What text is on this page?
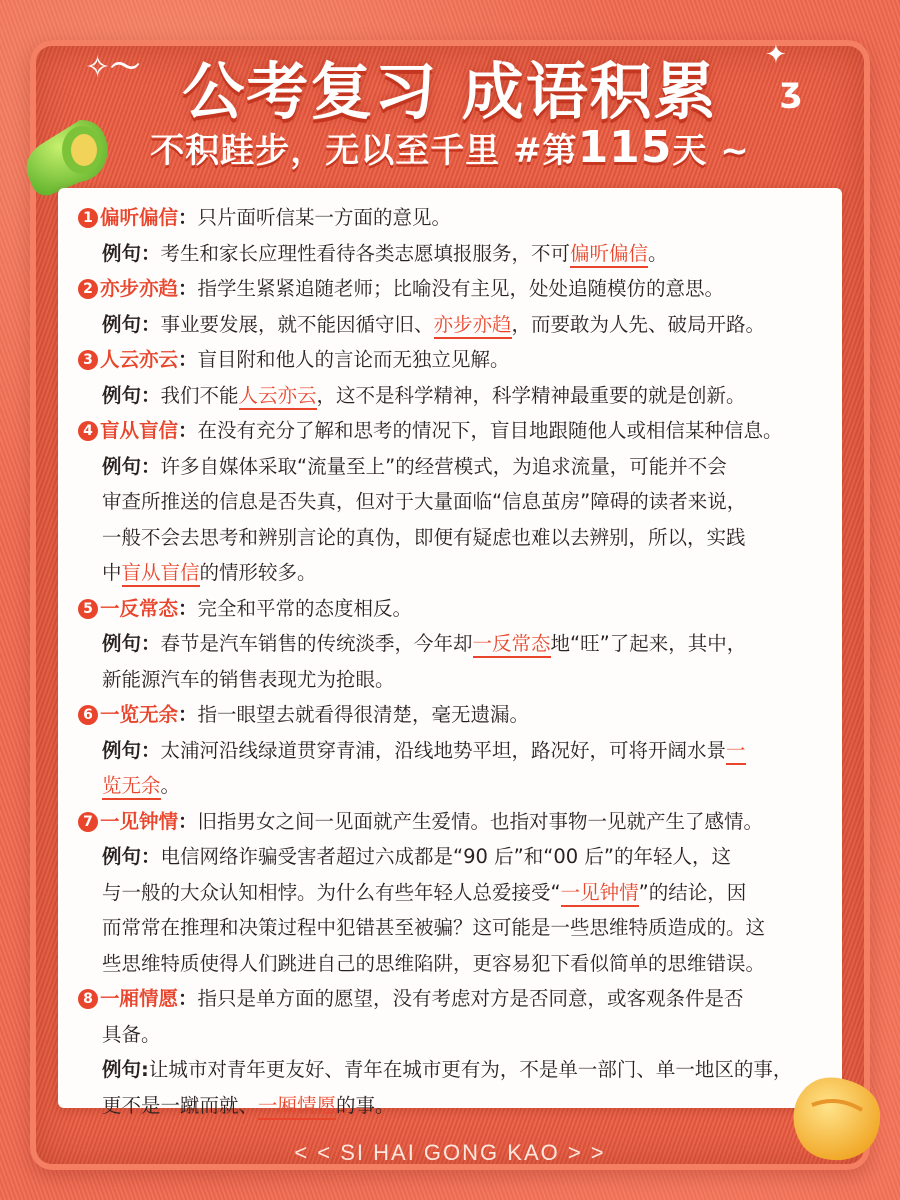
✧〜	✦
ʒ
公考复习 成语积累
不积跬步，无以至千里 #第115天 ~
1 偏听偏信：只片面听信某一方面的意见。
例句：考生和家长应理性看待各类志愿填报服务，不可偏听偏信。
2 亦步亦趋：指学生紧紧追随老师；比喻没有主见，处处追随模仿的意思。
例句：事业要发展，就不能因循守旧、亦步亦趋，而要敢为人先、破局开路。
3 人云亦云：盲目附和他人的言论而无独立见解。
例句：我们不能人云亦云，这不是科学精神，科学精神最重要的就是创新。
4 盲从盲信：在没有充分了解和思考的情况下，盲目地跟随他人或相信某种信息。
例句：许多自媒体采取“流量至上”的经营模式，为追求流量，可能并不会
审查所推送的信息是否失真，但对于大量面临“信息茧房”障碍的读者来说，
一般不会去思考和辨别言论的真伪，即便有疑虑也难以去辨别，所以，实践
中盲从盲信的情形较多。
5 一反常态：完全和平常的态度相反。
例句：春节是汽车销售的传统淡季，今年却一反常态地“旺”了起来，其中，
新能源汽车的销售表现尤为抢眼。
6 一览无余：指一眼望去就看得很清楚，毫无遗漏。
例句：太浦河沿线绿道贯穿青浦，沿线地势平坦，路况好，可将开阔水景一
览无余。
7 一见钟情：旧指男女之间一见面就产生爱情。也指对事物一见就产生了感情。
例句：电信网络诈骗受害者超过六成都是“90 后”和“00 后”的年轻人，这
与一般的大众认知相悖。为什么有些年轻人总爱接受“一见钟情”的结论，因
而常常在推理和决策过程中犯错甚至被骗？这可能是一些思维特质造成的。这
些思维特质使得人们跳进自己的思维陷阱，更容易犯下看似简单的思维错误。
8 一厢情愿：指只是单方面的愿望，没有考虑对方是否同意，或客观条件是否
具备。
例句:让城市对青年更友好、青年在城市更有为，不是单一部门、单一地区的事，
更不是一蹴而就、一厢情愿的事。
< < SI HAI GONG KAO > >
